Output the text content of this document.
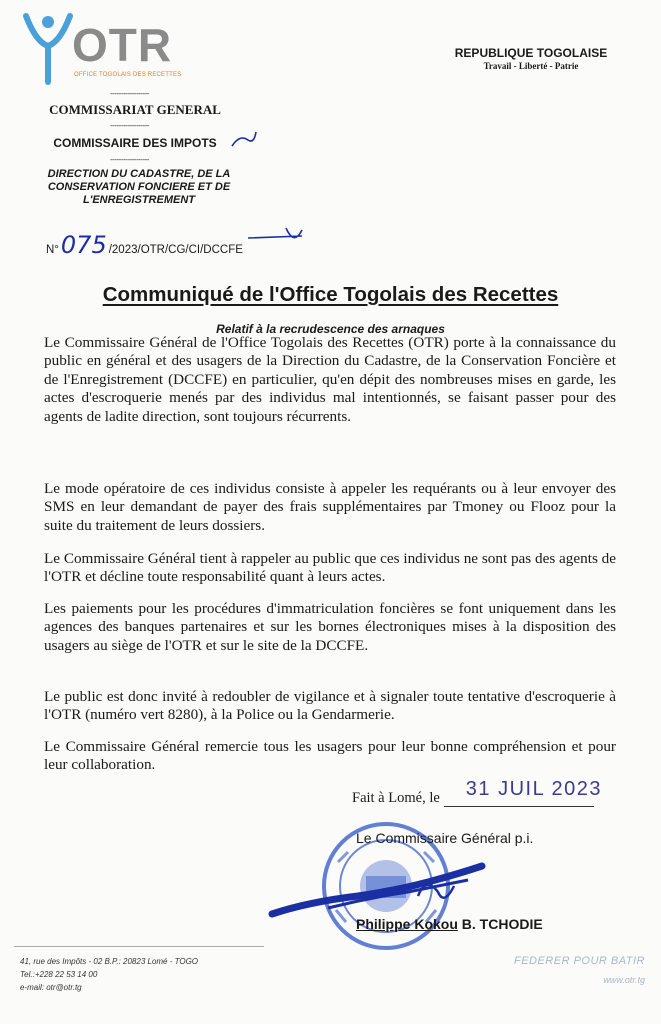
OTR
OFFICE TOGOLAIS DES RECETTES
------------------
COMMISSARIAT GENERAL
------------------
COMMISSAIRE DES IMPOTS
------------------
DIRECTION DU CADASTRE, DE LA CONSERVATION FONCIERE ET DE L'ENREGISTREMENT
N° 075 /2023/OTR/CG/CI/DCCFE
REPUBLIQUE TOGOLAISE
Travail - Liberté - Patrie
Communiqué de l'Office Togolais des Recettes
Relatif à la recrudescence des arnaques

Le Commissaire Général de l'Office Togolais des Recettes (OTR) porte à la connaissance du public en général et des usagers de la Direction du Cadastre, de la Conservation Foncière et de l'Enregistrement (DCCFE) en particulier, qu'en dépit des nombreuses mises en garde, les actes d'escroquerie menés par des individus mal intentionnés, se faisant passer pour des agents de ladite direction, sont toujours récurrents.

Le mode opératoire de ces individus consiste à appeler les requérants ou à leur envoyer des SMS en leur demandant de payer des frais supplémentaires par Tmoney ou Flooz pour la suite du traitement de leurs dossiers.

Le Commissaire Général tient à rappeler au public que ces individus ne sont pas des agents de l'OTR et décline toute responsabilité quant à leurs actes.

Les paiements pour les procédures d'immatriculation foncières se font uniquement dans les agences des banques partenaires et sur les bornes électroniques mises à la disposition des usagers au siège de l'OTR et sur le site de la DCCFE.

Le public est donc invité à redoubler de vigilance et à signaler toute tentative d'escroquerie à l'OTR (numéro vert 8280), à la Police ou la Gendarmerie.

Le Commissaire Général remercie tous les usagers pour leur bonne compréhension et pour leur collaboration.

Fait à Lomé, le 31 JUIL 2023
Le Commissaire Général p.i.
Philippe Kokou B. TCHODIE
41, rue des Impôts - 02 B.P.: 20823 Lomé - TOGO
Tel.:+228 22 53 14 00
e-mail: otr@otr.tg
FEDERER POUR BATIR
www.otr.tg
